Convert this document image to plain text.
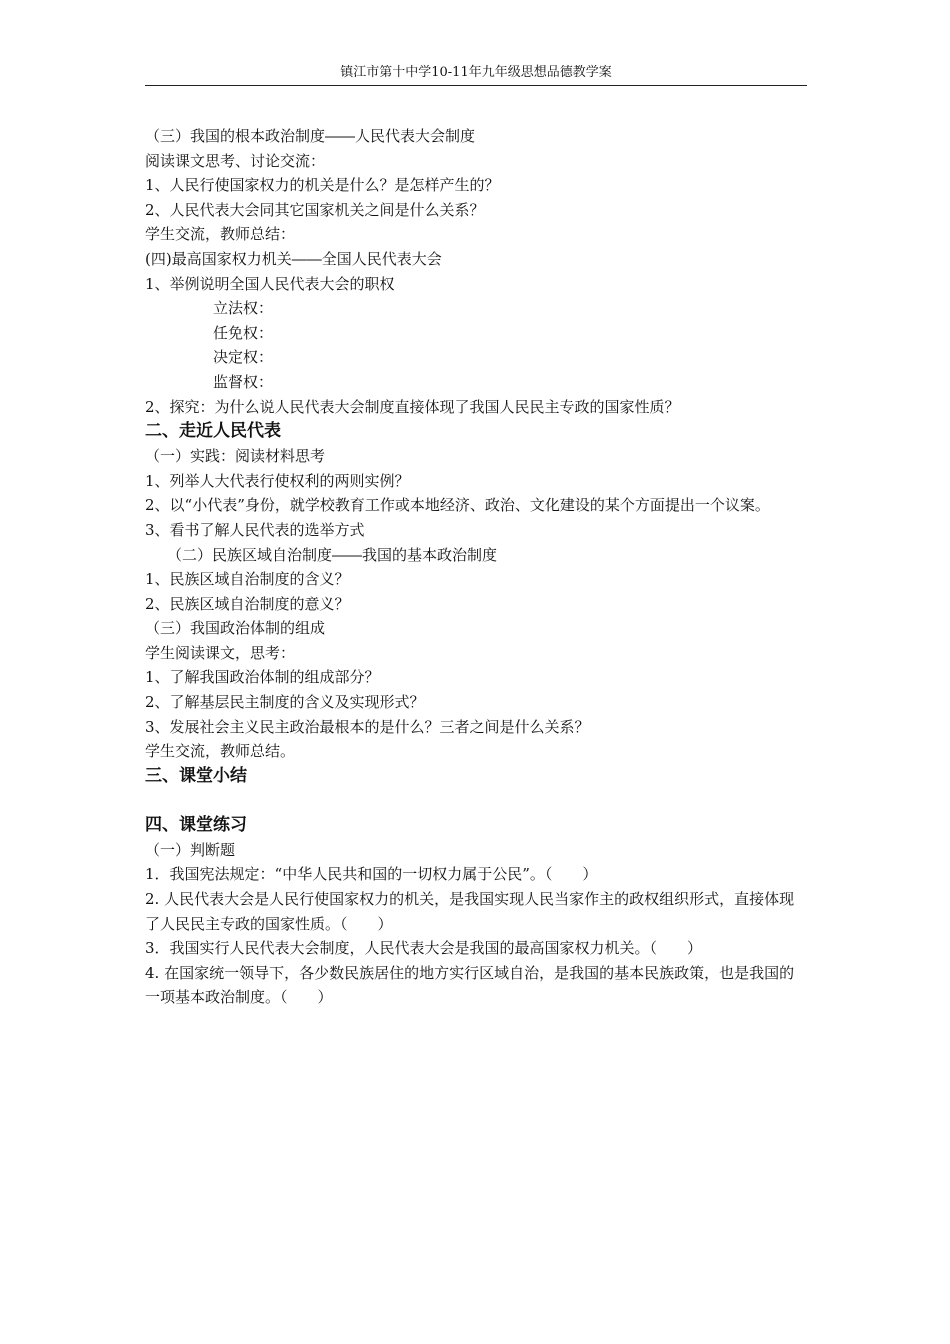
镇江市第十中学10-11年九年级思想品德教学案

（三）我国的根本政治制度――人民代表大会制度

阅读课文思考、讨论交流：

1、人民行使国家权力的机关是什么？是怎样产生的？

2、人民代表大会同其它国家机关之间是什么关系？

学生交流，教师总结：

(四)最高国家权力机关――全国人民代表大会

1、举例说明全国人民代表大会的职权

立法权：

任免权：

决定权：

监督权：

2、探究：为什么说人民代表大会制度直接体现了我国人民民主专政的国家性质？

二、走近人民代表

（一）实践：阅读材料思考

1、列举人大代表行使权利的两则实例？

2、以“小代表”身份，就学校教育工作或本地经济、政治、文化建设的某个方面提出一个议案。

3、看书了解人民代表的选举方式

（二）民族区域自治制度――我国的基本政治制度

1、民族区域自治制度的含义？

2、民族区域自治制度的意义？

（三）我国政治体制的组成

学生阅读课文，思考：

1、了解我国政治体制的组成部分？

2、了解基层民主制度的含义及实现形式？

3、发展社会主义民主政治最根本的是什么？三者之间是什么关系？

学生交流，教师总结。

三、课堂小结

四、课堂练习

（一）判断题

1．我国宪法规定：“中华人民共和国的一切权力属于公民”。（　　）

2. 人民代表大会是人民行使国家权力的机关，是我国实现人民当家作主的政权组织形式，直接体现了人民民主专政的国家性质。（　　）

3．我国实行人民代表大会制度，人民代表大会是我国的最高国家权力机关。（　　）

4. 在国家统一领导下，各少数民族居住的地方实行区域自治，是我国的基本民族政策，也是我国的一项基本政治制度。（　　）
